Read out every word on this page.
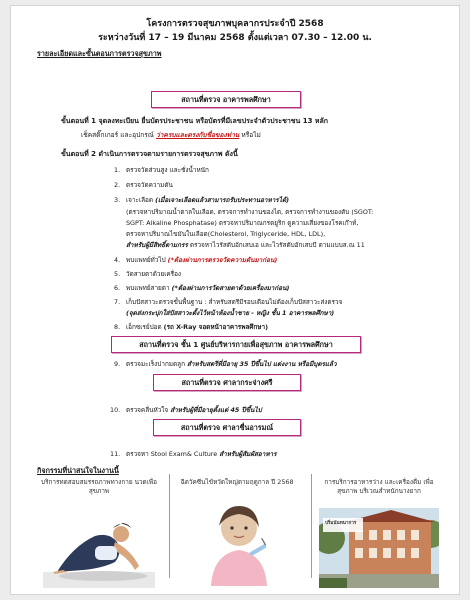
โครงการตรวจสุขภาพบุคลากรประจำปี 2568
ระหว่างวันที่ 17 – 19 มีนาคม 2568 ตั้งแต่เวลา 07.30 – 12.00 น.
รายละเอียดและขั้นตอนการตรวจสุขภาพ
สถานที่ตรวจ อาคารพลศึกษา
ขั้นตอนที่ 1 จุดลงทะเบียน ยื่นบัตรประชาชน หรือบัตรที่มีเลขประจำตัวประชาชน 13 หลัก
เช็คสติ๊กเกอร์ และอุปกรณ์ ว่าครบและตรงกับชื่อของท่าน หรือไม่
ขั้นตอนที่ 2 ดำเนินการตรวจตามรายการตรวจสุขภาพ ดังนี้
1. ตรวจวัดส่วนสูง และชั่งน้ำหนัก
2. ตรวจวัดความดัน
3. เจาะเลือด (เมื่อเจาะเลือดแล้วสามารถรับประทานอาหารได้)
(ตรวจหาปริมาณน้ำตาลในเลือด, ตรวจการทำงานของไต, ตรวจการทำงานของตับ (SGOT:
SGPT: Alkaline Phosphatase) ตรวจหาปริมาณกรดยูริก ดูความเสี่ยงของโรคเก๊าท์,
ตรวจหาปริมาณไขมันในเลือด(Cholesterol, Triglyceride, HDL, LDL),
สำหรับผู้มีสิทธิ์ตามกรร ตรวจหาไวรัสตับอักเสบเอ และไวรัสตับอักเสบบี ตามแบบส.ณ 11
4. พบแพทย์ทั่วไป (*ต้องผ่านการตรวจวัดความดันมาก่อน)
5. วัดสายตาด้วยเครื่อง
6. พบแพทย์สายตา (*ต้องผ่านการวัดสายตาด้วยเครื่องมาก่อน)
7. เก็บปัสสาวะตรวจขั้นพื้นฐาน : สำหรับสตรีมีรอบเดือนไม่ต้องเก็บปัสสาวะส่งตรวจ
(จุดส่งกระปุกใส่ปัสสาวะตั้งไว้หน้าห้องน้ำชาย - หญิง ชั้น 1 อาคารพลศึกษา)
8. เอ็กซเรย์ปอด (รถ X-Ray จอดหน้าอาคารพลศึกษา)
สถานที่ตรวจ ชั้น 1 ศูนย์บริหารกายเพื่อสุขภาพ อาคารพลศึกษา
9. ตรวจมะเร็งปากมดลูก สำหรับสตรีที่มีอายุ 35 ปีขึ้นไป แต่งงาน หรือมีบุตรแล้ว
สถานที่ตรวจ ศาลากระจ่างศรี
10. ตรวจคลื่นหัวใจ สำหรับผู้ที่มีอายุตั้งแต่ 45 ปีขึ้นไป
สถานที่ตรวจ ศาลาชื่นอารมณ์
11. ตรวจหา Stool Exam& Culture สำหรับผู้สัมผัสอาหาร
กิจกรรมที่น่าสนใจในงานนี้
บริการทดสอบสมรรถภาพทางกาย นวดเพื่อสุขภาพ
ฉีดวัคซีนไข้หวัดใหญ่ตามฤดูกาล ปี 2568	การบริการอาหารว่าง และเครื่องดื่ม เพื่อสุขภาพ บริเวณสำหนักนางยาก
ปริ่มนันทนาการ
